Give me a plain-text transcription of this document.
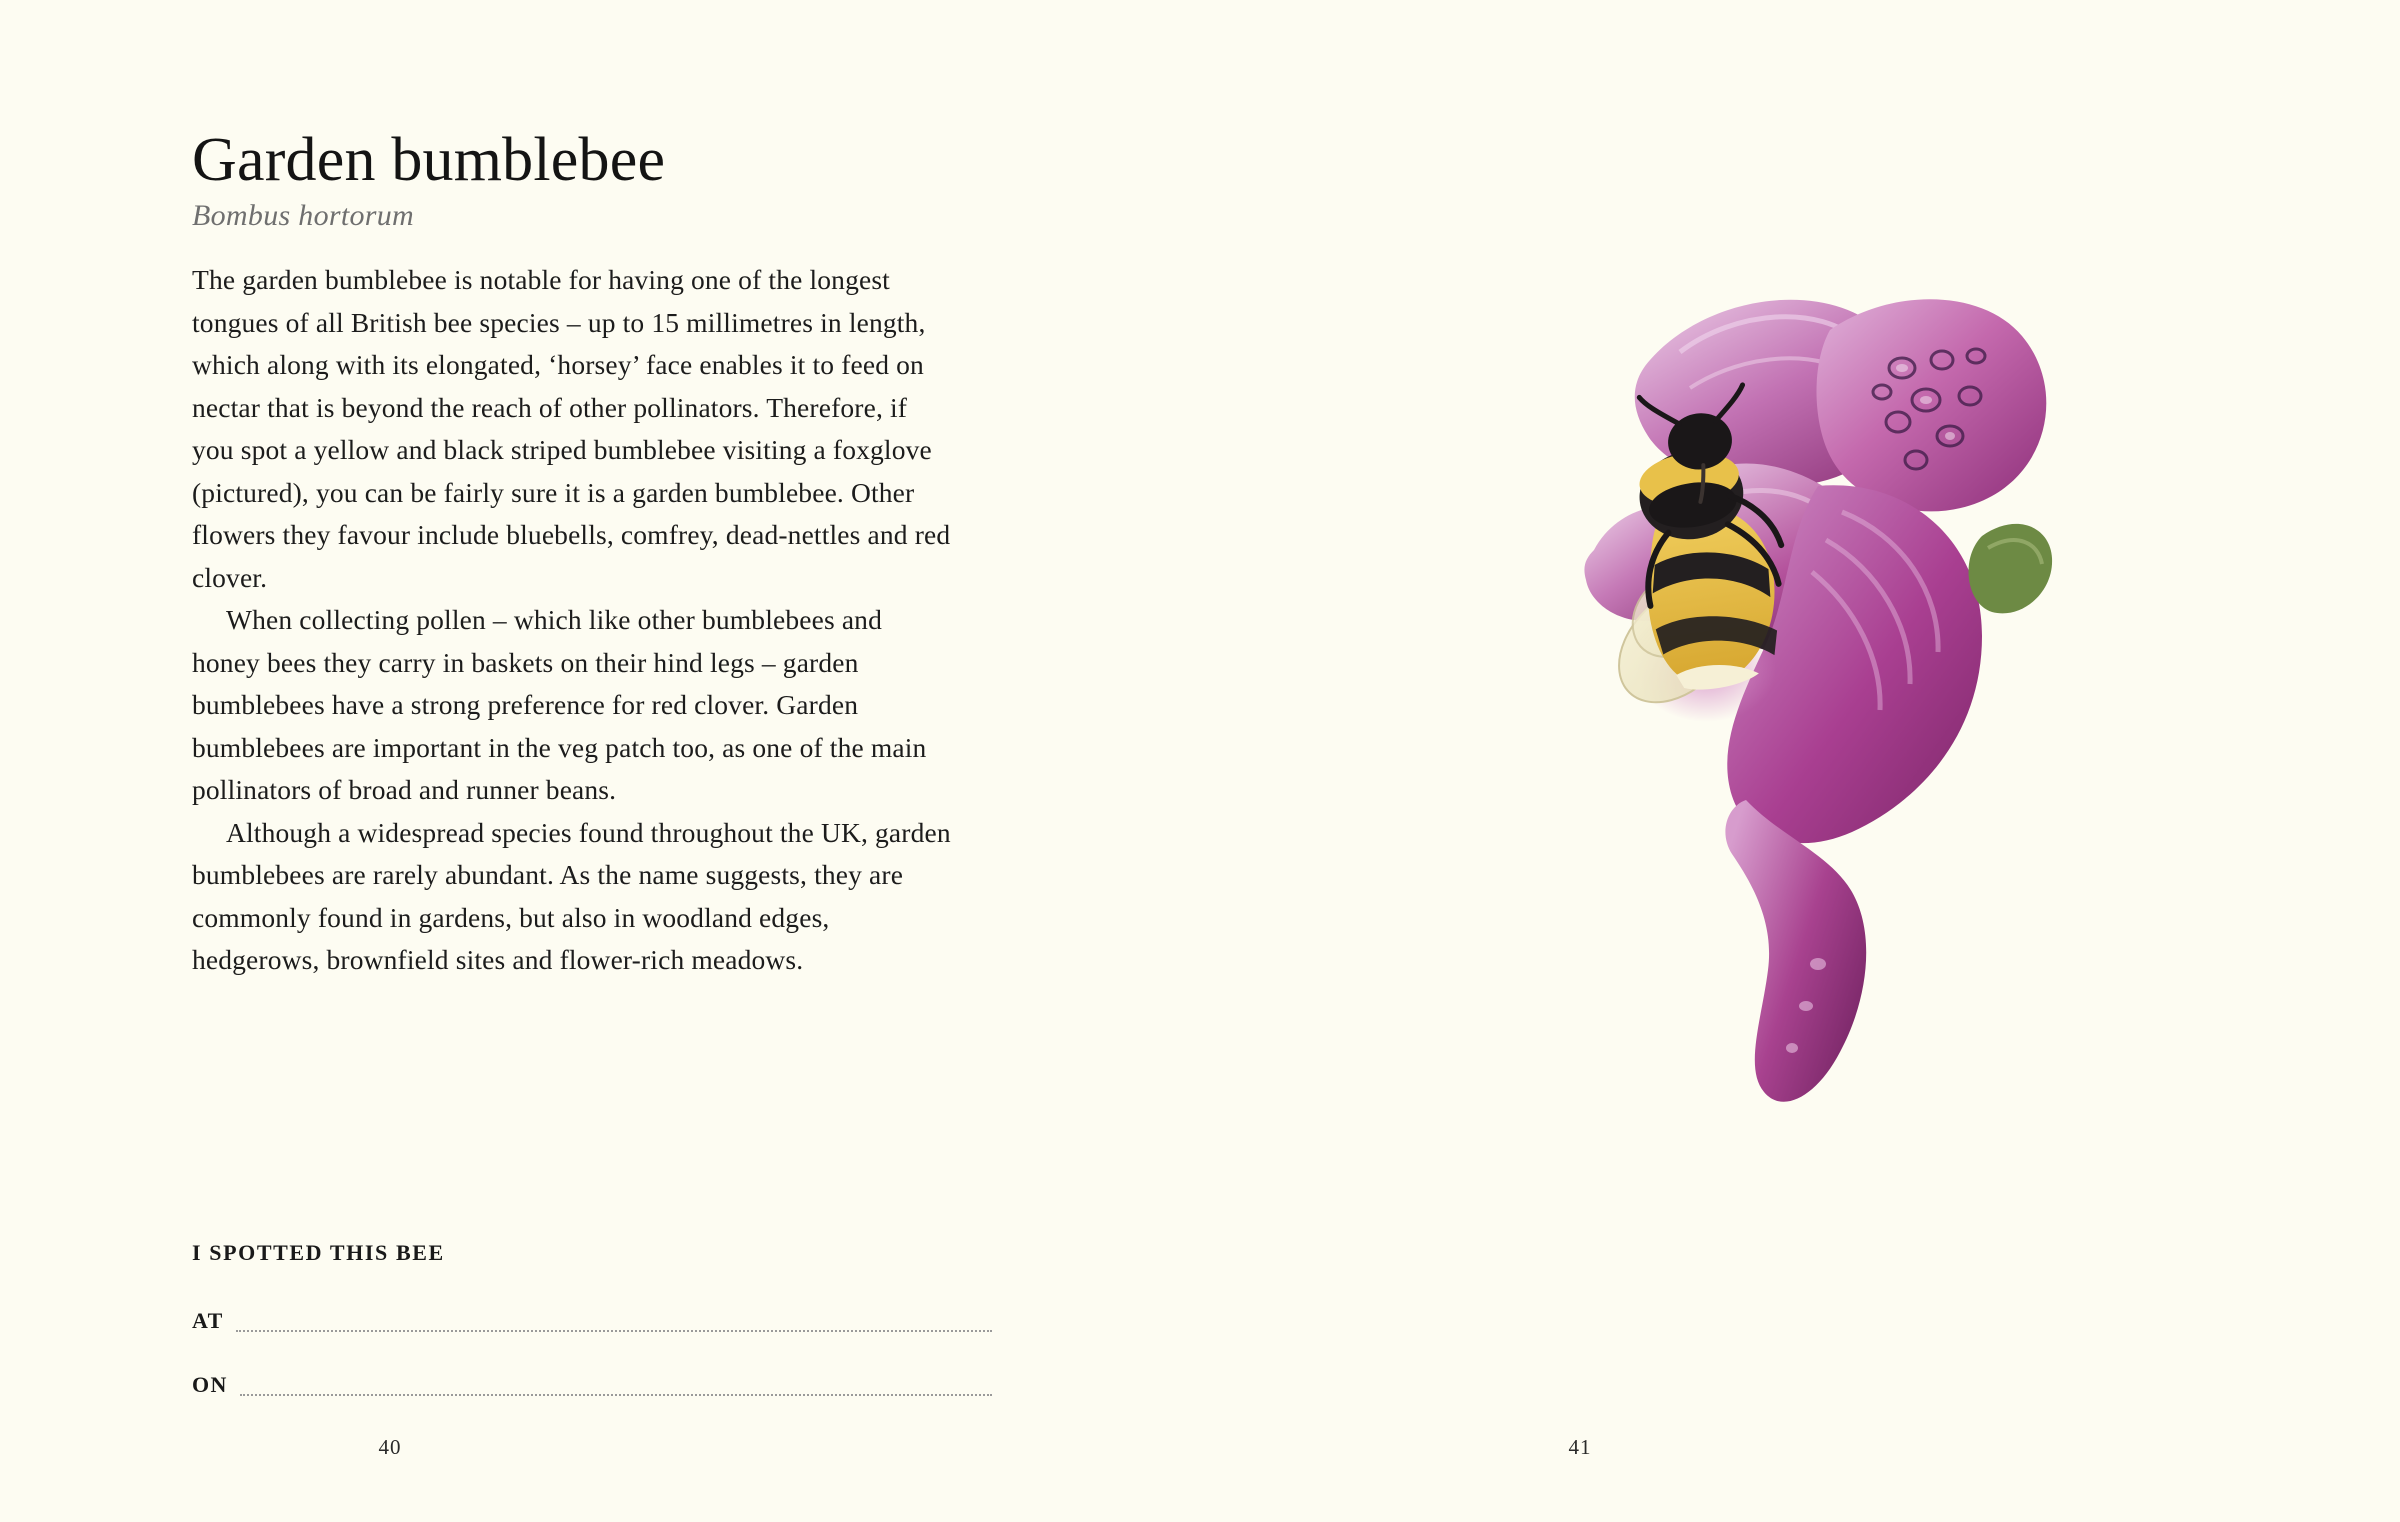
Garden bumblebee
Bombus hortorum

The garden bumblebee is notable for having one of the longest tongues of all British bee species – up to 15 millimetres in length, which along with its elongated, ‘horsey’ face enables it to feed on nectar that is beyond the reach of other pollinators. Therefore, if you spot a yellow and black striped bumblebee visiting a foxglove (pictured), you can be fairly sure it is a garden bumblebee. Other flowers they favour include bluebells, comfrey, dead-nettles and red clover.

When collecting pollen – which like other bumblebees and honey bees they carry in baskets on their hind legs – garden bumblebees have a strong preference for red clover. Garden bumblebees are important in the veg patch too, as one of the main pollinators of broad and runner beans.

Although a widespread species found throughout the UK, garden bumblebees are rarely abundant. As the name suggests, they are commonly found in gardens, but also in woodland edges, hedgerows, brownfield sites and flower-rich meadows.

I SPOTTED THIS BEE
AT
ON
40	41
